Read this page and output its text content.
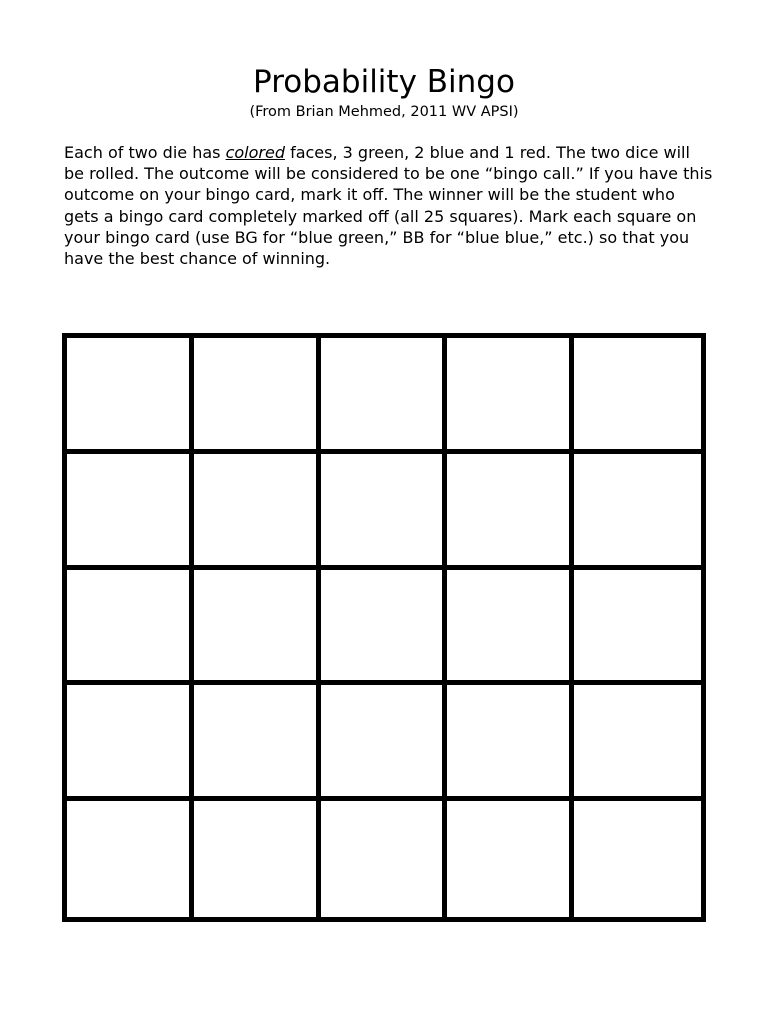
Probability Bingo
(From Brian Mehmed, 2011 WV APSI)

Each of two die has colored faces, 3 green, 2 blue and 1 red. The two dice will be rolled. The outcome will be considered to be one “bingo call.” If you have this outcome on your bingo card, mark it off. The winner will be the student who gets a bingo card completely marked off (all 25 squares). Mark each square on your bingo card (use BG for “blue green,” BB for “blue blue,” etc.) so that you have the best chance of winning.
